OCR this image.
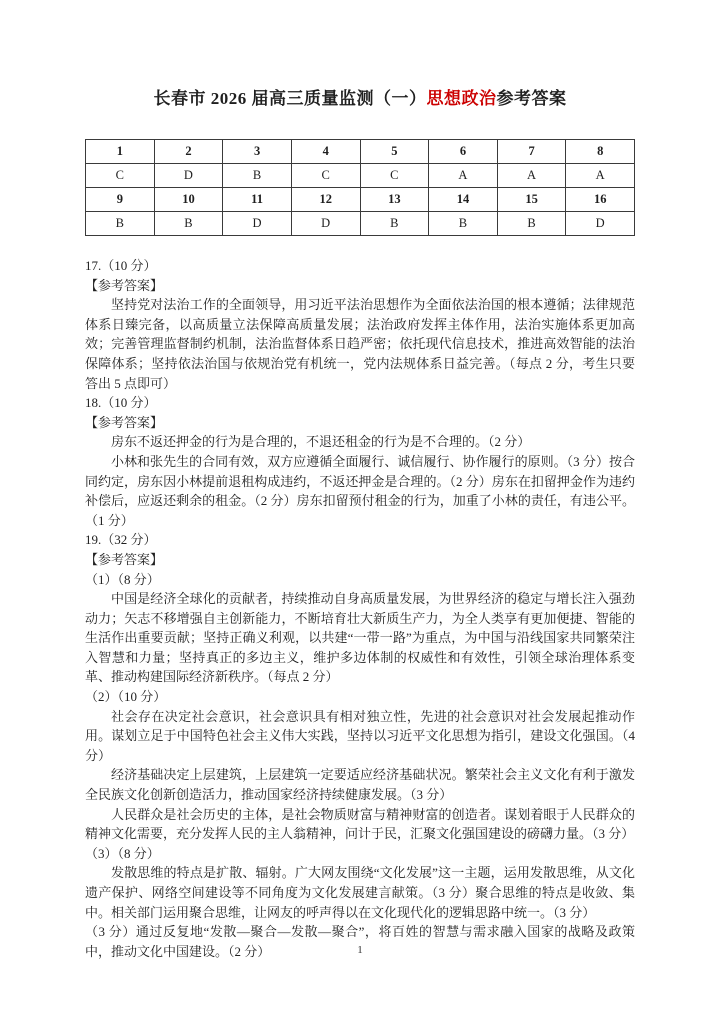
长春市 2026 届高三质量监测（一）思想政治参考答案
1	2	3	4	5	6	7	8
C	D	B	C	C	A	A	A
9	10	11	12	13	14	15	16
B	B	D	D	B	B	B	D

17.（10 分）

【参考答案】

坚持党对法治工作的全面领导，用习近平法治思想作为全面依法治国的根本遵循；法律规范体系日臻完备，以高质量立法保障高质量发展；法治政府发挥主体作用，法治实施体系更加高效；完善管理监督制约机制，法治监督体系日趋严密；依托现代信息技术，推进高效智能的法治保障体系；坚持依法治国与依规治党有机统一，党内法规体系日益完善。（每点 2 分，考生只要答出 5 点即可）

18.（10 分）

【参考答案】

房东不返还押金的行为是合理的，不退还租金的行为是不合理的。（2 分）

小林和张先生的合同有效，双方应遵循全面履行、诚信履行、协作履行的原则。（3 分）按合同约定，房东因小林提前退租构成违约，不返还押金是合理的。（2 分）房东在扣留押金作为违约补偿后，应返还剩余的租金。（2 分）房东扣留预付租金的行为，加重了小林的责任，有违公平。（1 分）

19.（32 分）

【参考答案】

（1）（8 分）

中国是经济全球化的贡献者，持续推动自身高质量发展，为世界经济的稳定与增长注入强劲动力；矢志不移增强自主创新能力，不断培育壮大新质生产力，为全人类享有更加便捷、智能的生活作出重要贡献；坚持正确义利观，以共建“一带一路”为重点，为中国与沿线国家共同繁荣注入智慧和力量；坚持真正的多边主义，维护多边体制的权威性和有效性，引领全球治理体系变革、推动构建国际经济新秩序。（每点 2 分）

（2）（10 分）

社会存在决定社会意识，社会意识具有相对独立性，先进的社会意识对社会发展起推动作用。谋划立足于中国特色社会主义伟大实践，坚持以习近平文化思想为指引，建设文化强国。（4 分）

经济基础决定上层建筑，上层建筑一定要适应经济基础状况。繁荣社会主义文化有利于激发全民族文化创新创造活力，推动国家经济持续健康发展。（3 分）

人民群众是社会历史的主体，是社会物质财富与精神财富的创造者。谋划着眼于人民群众的精神文化需要，充分发挥人民的主人翁精神，问计于民，汇聚文化强国建设的磅礴力量。（3 分）

（3）（8 分）

发散思维的特点是扩散、辐射。广大网友围绕“文化发展”这一主题，运用发散思维，从文化遗产保护、网络空间建设等不同角度为文化发展建言献策。（3 分）聚合思维的特点是收敛、集中。相关部门运用聚合思维，让网友的呼声得以在文化现代化的逻辑思路中统一。（3 分）

（3 分）通过反复地“发散—聚合—发散—聚合”，将百姓的智慧与需求融入国家的战略及政策中，推动文化中国建设。（2 分）	1
